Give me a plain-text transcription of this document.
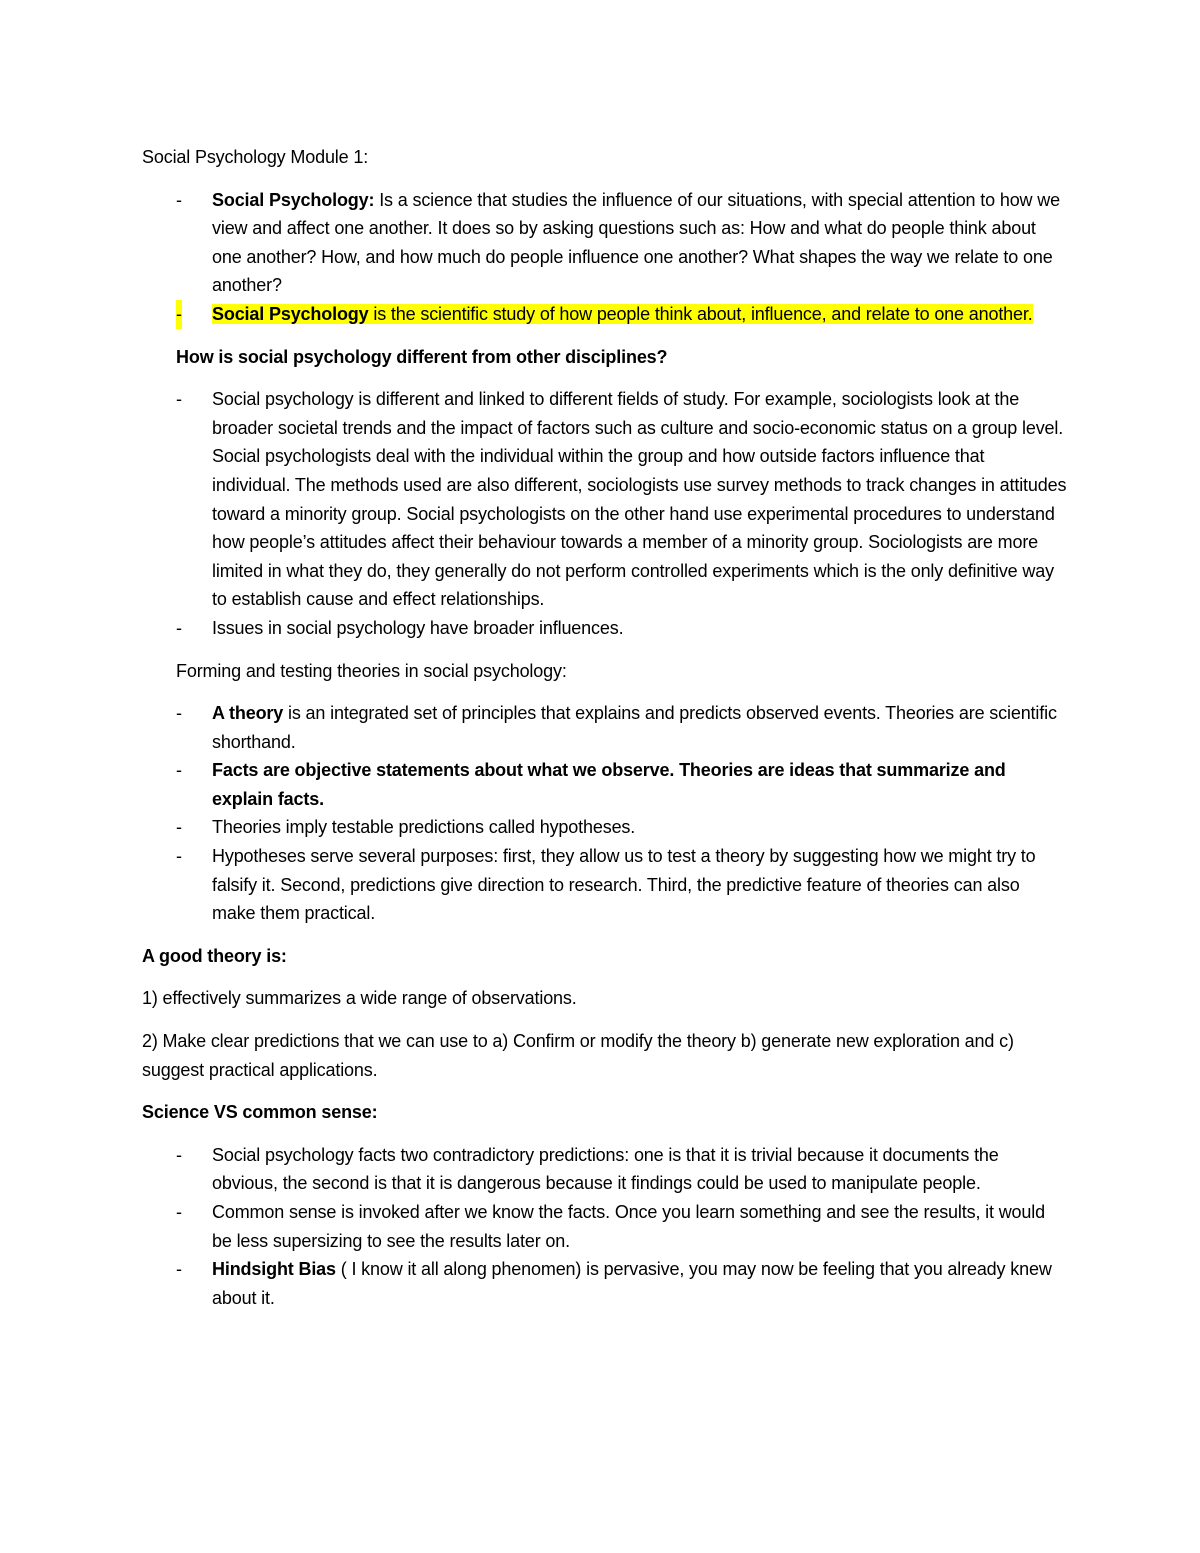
Social Psychology Module 1:

- Social Psychology: Is a science that studies the influence of our situations, with special attention to how we view and affect one another. It does so by asking questions such as: How and what do people think about one another? How, and how much do people influence one another? What shapes the way we relate to one another?
- Social Psychology is the scientific study of how people think about, influence, and relate to one another.

How is social psychology different from other disciplines?

- Social psychology is different and linked to different fields of study. For example, sociologists look at the broader societal trends and the impact of factors such as culture and socio-economic status on a group level. Social psychologists deal with the individual within the group and how outside factors influence that individual. The methods used are also different, sociologists use survey methods to track changes in attitudes toward a minority group. Social psychologists on the other hand use experimental procedures to understand how people’s attitudes affect their behaviour towards a member of a minority group. Sociologists are more limited in what they do, they generally do not perform controlled experiments which is the only definitive way to establish cause and effect relationships.
- Issues in social psychology have broader influences.

Forming and testing theories in social psychology:

- A theory is an integrated set of principles that explains and predicts observed events. Theories are scientific shorthand.
- Facts are objective statements about what we observe. Theories are ideas that summarize and explain facts.
- Theories imply testable predictions called hypotheses.
- Hypotheses serve several purposes: first, they allow us to test a theory by suggesting how we might try to falsify it. Second, predictions give direction to research. Third, the predictive feature of theories can also make them practical.

A good theory is:

1) effectively summarizes a wide range of observations.

2) Make clear predictions that we can use to a) Confirm or modify the theory b) generate new exploration and c) suggest practical applications.

Science VS common sense:

- Social psychology facts two contradictory predictions: one is that it is trivial because it documents the obvious, the second is that it is dangerous because it findings could be used to manipulate people.
- Common sense is invoked after we know the facts. Once you learn something and see the results, it would be less supersizing to see the results later on.
- Hindsight Bias ( I know it all along phenomen) is pervasive, you may now be feeling that you already knew about it.
